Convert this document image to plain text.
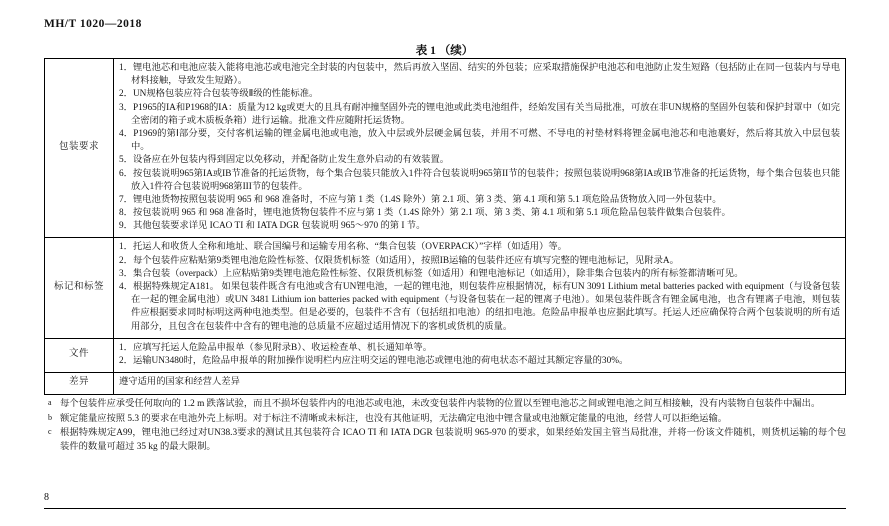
MH/T 1020—2018
表 1 （续）
包装要求	
1．锂电池芯和电池应装入能将电池芯或电池完全封装的内包装中，然后再放入坚固、结实的外包装；应采取措施保护电池芯和电池防止发生短路（包括防止在同一包装内与导电材料接触，导致发生短路）。
2．UN规格包装应符合包装等级Ⅱ级的性能标准。
3．P1965的IA和P1968的IA：质量为12 kg或更大的且具有耐冲撞坚固外壳的锂电池或此类电池组件，经始发国有关当局批准，可放在非UN规格的坚固外包装和保护封罩中（如完全密闭的箱子或木质板条箱）进行运输。批准文件应随附托运货物。
4．P1969的第Ⅰ部分要，交付客机运输的锂金属电池或电池，放入中层或外层硬金属包装，并用不可燃、不导电的衬垫材料将锂金属电池芯和电池裹好，然后将其放入中层包装中。
5．设备应在外包装内得到固定以免移动，并配备防止发生意外启动的有效装置。
6．按包装说明965第IA或IB节准备的托运货物，每个集合包装只能放入1件符合包装说明965第II节的包装件；按照包装说明968第IA或IB节准备的托运货物，每个集合包装也只能放入1件符合包装说明968第III节的包装件。
7．锂电池货物按照包装说明 965 和 968 准备时，不应与第 1 类（1.4S 除外）第 2.1 项、第 3 类、第 4.1 项和第 5.1 项危险品货物放入同一外包装中。
8．按包装说明 965 和 968 准备时，锂电池货物包装件不应与第 1 类（1.4S 除外）第 2.1 项、第 3 类、第 4.1 项和第 5.1 项危险品包装件做集合包装件。
9．其他包装要求详见 ICAO TI 和 IATA DGR 包装说明 965～970 的第 I 节。

标记和标签	1．托运人和收货人全称和地址、联合国编号和运输专用名称、“集合包装（OVERPACK）”字样（如适用）等。
2．每个包装件应粘贴第9类锂电池危险性标签、仅限货机标签（如适用），按照IB运输的包装件还应有填写完整的锂电池标记，见附录A。
3．集合包装（overpack）上应粘贴第9类锂电池危险性标签、仅限货机标签（如适用）和锂电池标记（如适用），除非集合包装内的所有标签都清晰可见。
4．根据特殊规定A181。 如果包装件既含有电池或含有UN锂电池，一起的锂电池，则包装件应根据情况，标有UN 3091 Lithium metal batteries packed with equipment（与设备包装在一起的锂金属电池）或UN 3481 Lithium ion batteries packed with equipment（与设备包装在一起的锂离子电池）。如果包装件既含有锂金属电池，也含有锂离子电池，则包装件应根据要求同时标明这两种电池类型。但是必要的，包装件不含有（包括纽扣电池）的纽扣电池。危险品申报单也应据此填写。托运人还应确保符合两个包装说明的所有适用部分，且包含在包装件中含有的锂电池的总质量不应超过适用情况下的客机或货机的质量。

文件	1．应填写托运人危险品申报单（参见附录B）、收运检查单、机长通知单等。
2．运输UN3480时，危险品申报单的附加操作说明栏内应注明交运的锂电池芯或锂电池的荷电状态不超过其额定容量的30%。

差异	遵守适用的国家和经营人差异
a 每个包装件应承受任何取向的 1.2 m 跌落试验，而且不损坏包装件内的电池芯或电池，未改变包装件内装物的位置以至锂电池芯之间或锂电池之间互相接触，没有内装物自包装件中漏出。
b 额定能量应按照 5.3 的要求在电池外壳上标明。对于标注不清晰或未标注，也没有其他证明，无法确定电池中锂含量或电池额定能量的电池，经营人可以拒绝运输。
c 根据特殊规定A99，锂电池已经过对UN38.3要求的测试且其包装符合 ICAO TI 和 IATA DGR 包装说明 965-970 的要求，如果经始发国主管当局批准，并将一份该文件随机，则货机运输的每个包装件的数量可超过 35 kg 的最大限制。
8
